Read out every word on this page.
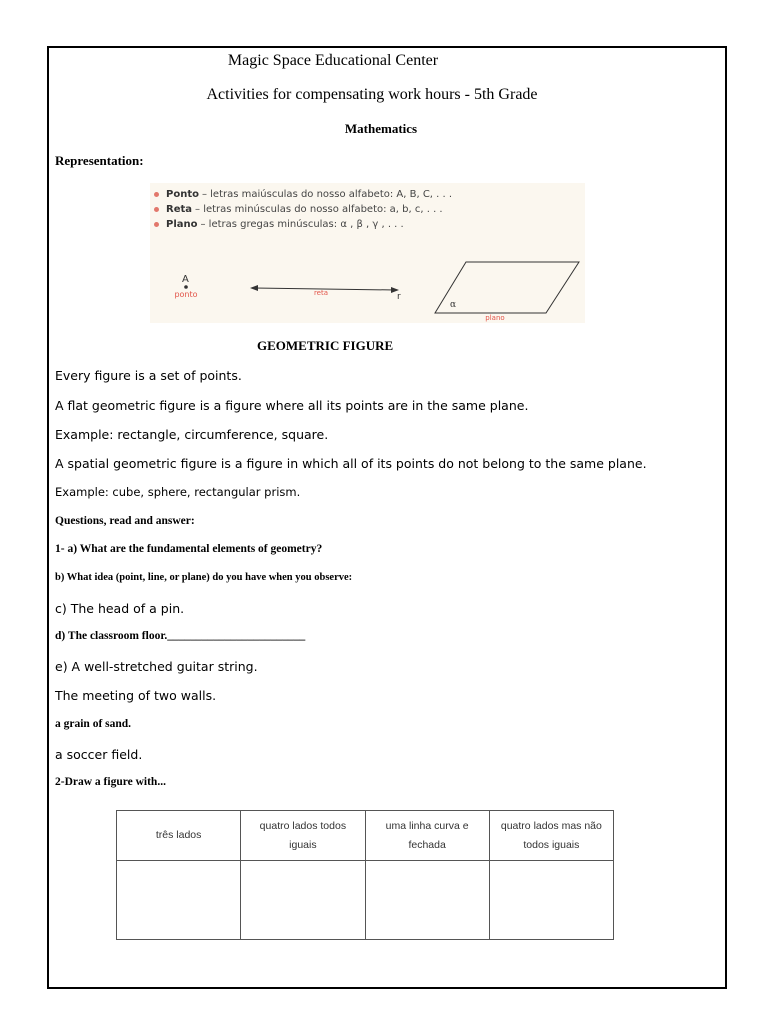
Magic Space Educational Center
Activities for compensating work hours - 5th Grade
Mathematics
Representation:
Ponto – letras maiúsculas do nosso alfabeto: A, B, C, . . .
Reta – letras minúsculas do nosso alfabeto: a, b, c, . . .
Plano – letras gregas minúsculas: α , β , γ , . . .
A
ponto	reta	r
α
plano
GEOMETRIC FIGURE
Every figure is a set of points.
A flat geometric figure is a figure where all its points are in the same plane.
Example: rectangle, circumference, square.
A spatial geometric figure is a figure in which all of its points do not belong to the same plane.
Example: cube, sphere, rectangular prism.
Questions, read and answer:
1- a) What are the fundamental elements of geometry?
b) What idea (point, line, or plane) do you have when you observe:
c) The head of a pin.
d) The classroom floor.________________________
e) A well-stretched guitar string.
The meeting of two walls.
a grain of sand.
a soccer field.
2-Draw a figure with...
três lados	quatro lados todos iguais	uma linha curva e fechada	quatro lados mas não todos iguais
